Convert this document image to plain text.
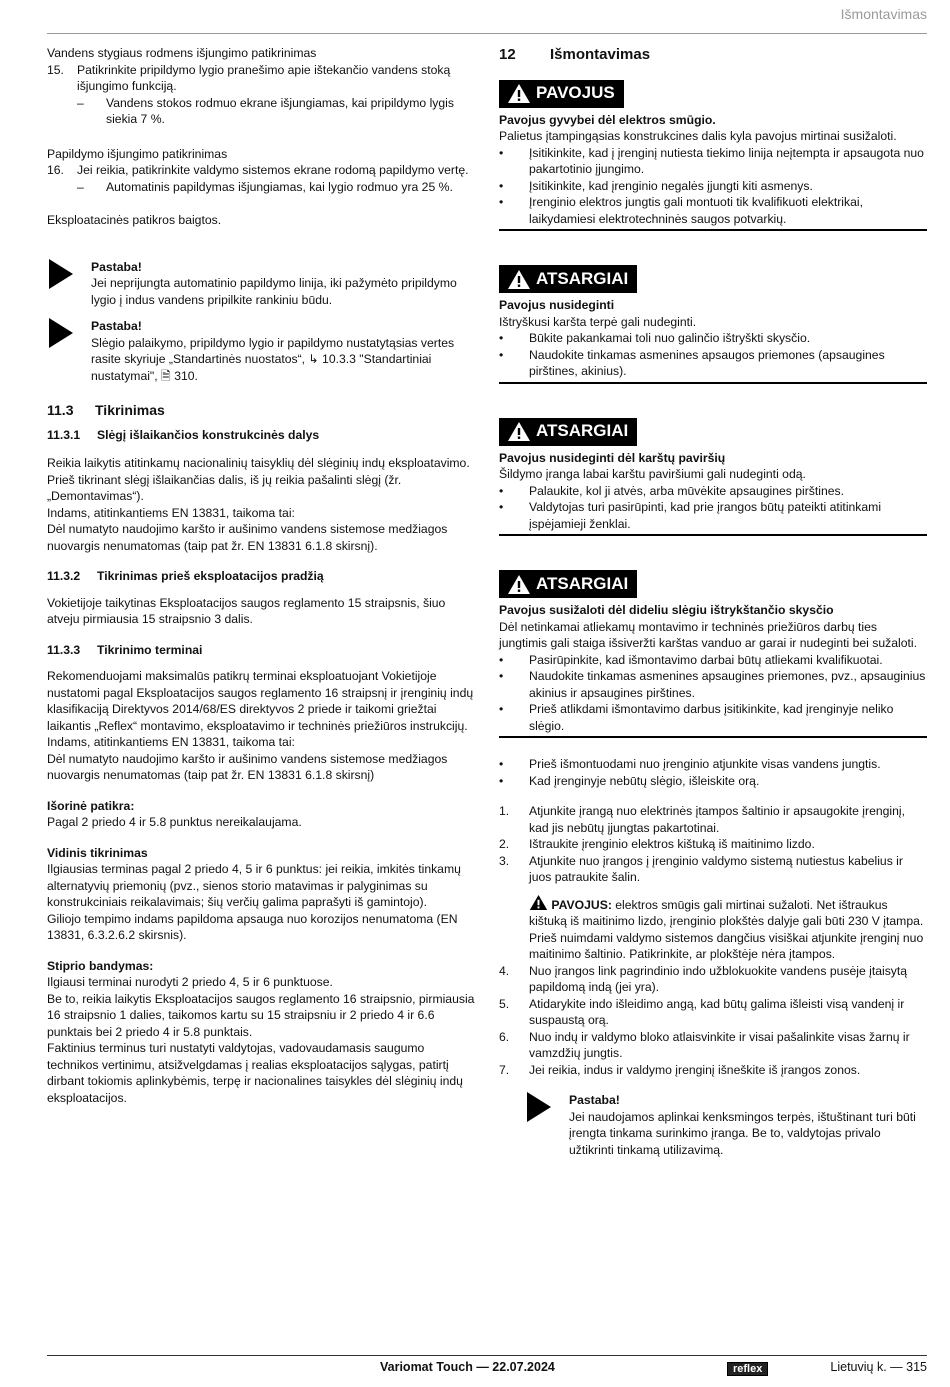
Išmontavimas

Vandens stygiaus rodmens išjungimo patikrinimas

15.	Patikrinkite pripildymo lygio pranešimo apie ištekančio vandens stoką išjungimo funkciją.
–	Vandens stokos rodmuo ekrane išjungiamas, kai pripildymo lygis siekia 7 %.

Papildymo išjungimo patikrinimas

16.	Jei reikia, patikrinkite valdymo sistemos ekrane rodomą papildymo vertę.
–	Automatinis papildymas išjungiamas, kai lygio rodmuo yra 25 %.

Eksploatacinės patikros baigtos.

Pastaba!
Jei neprijungta automatinio papildymo linija, iki pažymėto pripildymo lygio į indus vandens pripilkite rankiniu būdu.
Pastaba!
Slėgio palaikymo, pripildymo lygio ir papildymo nustatytąsias vertes rasite skyriuje „Standartinės nuostatos“, ↳ 10.3.3 "Standartiniai nustatymai", 🗎 310.
11.3	Tikrinimas
11.3.1	Slėgį išlaikančios konstrukcinės dalys

Reikia laikytis atitinkamų nacionalinių taisyklių dėl slėginių indų eksploatavimo. Prieš tikrinant slėgį išlaikančias dalis, iš jų reikia pašalinti slėgį (žr. „Demontavimas“).

Indams, atitinkantiems EN 13831, taikoma tai:

Dėl numatyto naudojimo karšto ir aušinimo vandens sistemose medžiagos nuovargis nenumatomas (taip pat žr. EN 13831 6.1.8 skirsnį).

11.3.2	Tikrinimas prieš eksploatacijos pradžią

Vokietijoje taikytinas Eksploatacijos saugos reglamento 15 straipsnis, šiuo atveju pirmiausia 15 straipsnio 3 dalis.

11.3.3	Tikrinimo terminai

Rekomenduojami maksimalūs patikrų terminai eksploatuojant Vokietijoje nustatomi pagal Eksploatacijos saugos reglamento 16 straipsnį ir įrenginių indų klasifikaciją Direktyvos 2014/68/ES direktyvos 2 priede ir taikomi griežtai laikantis „Reflex“ montavimo, eksploatavimo ir techninės priežiūros instrukcijų.

Indams, atitinkantiems EN 13831, taikoma tai:

Dėl numatyto naudojimo karšto ir aušinimo vandens sistemose medžiagos nuovargis nenumatomas (taip pat žr. EN 13831 6.1.8 skirsnį)

Išorinė patikra:

Pagal 2 priedo 4 ir 5.8 punktus nereikalaujama.

Vidinis tikrinimas

Ilgiausias terminas pagal 2 priedo 4, 5 ir 6 punktus: jei reikia, imkitės tinkamų alternatyvių priemonių (pvz., sienos storio matavimas ir palyginimas su konstrukciniais reikalavimais; šių verčių galima paprašyti iš gamintojo).

Giliojo tempimo indams papildoma apsauga nuo korozijos nenumatoma (EN 13831, 6.3.2.6.2 skirsnis).

Stiprio bandymas:

Ilgiausi terminai nurodyti 2 priedo 4, 5 ir 6 punktuose.

Be to, reikia laikytis Eksploatacijos saugos reglamento 16 straipsnio, pirmiausia 16 straipsnio 1 dalies, taikomos kartu su 15 straipsniu ir 2 priedo 4 ir 6.6 punktais bei 2 priedo 4 ir 5.8 punktais.

Faktinius terminus turi nustatyti valdytojas, vadovaudamasis saugumo technikos vertinimu, atsižvelgdamas į realias eksploatacijos sąlygas, patirtį dirbant tokiomis aplinkybėmis, terpę ir nacionalines taisykles dėl slėginių indų eksploatacijos.

12	Išmontavimas
PAVOJUS
Pavojus gyvybei dėl elektros smūgio.
Palietus įtampingąsias konstrukcines dalis kyla pavojus mirtinai susižaloti.
•	Įsitikinkite, kad į įrenginį nutiesta tiekimo linija neįtempta ir apsaugota nuo pakartotinio įjungimo.
•	Įsitikinkite, kad įrenginio negalės įjungti kiti asmenys.
•	Įrenginio elektros jungtis gali montuoti tik kvalifikuoti elektrikai, laikydamiesi elektrotechninės saugos potvarkių.
ATSARGIAI
Pavojus nusideginti
Ištryškusi karšta terpė gali nudeginti.
•	Būkite pakankamai toli nuo galinčio ištryškti skysčio.
•	Naudokite tinkamas asmenines apsaugos priemones (apsaugines pirštines, akinius).
ATSARGIAI
Pavojus nusideginti dėl karštų paviršių
Šildymo įranga labai karštu paviršiumi gali nudeginti odą.
•	Palaukite, kol ji atvės, arba mūvėkite apsaugines pirštines.
•	Valdytojas turi pasirūpinti, kad prie įrangos būtų pateikti atitinkami įspėjamieji ženklai.
ATSARGIAI
Pavojus susižaloti dėl dideliu slėgiu ištrykštančio skysčio
Dėl netinkamai atliekamų montavimo ir techninės priežiūros darbų ties jungtimis gali staiga išsiveržti karštas vanduo ar garai ir nudeginti bei sužaloti.
•	Pasirūpinkite, kad išmontavimo darbai būtų atliekami kvalifikuotai.
•	Naudokite tinkamas asmenines apsaugines priemones, pvz., apsauginius akinius ir apsaugines pirštines.
•	Prieš atlikdami išmontavimo darbus įsitikinkite, kad įrenginyje neliko slėgio.
•	Prieš išmontuodami nuo įrenginio atjunkite visas vandens jungtis.
•	Kad įrenginyje nebūtų slėgio, išleiskite orą.
1.	Atjunkite įrangą nuo elektrinės įtampos šaltinio ir apsaugokite įrenginį, kad jis nebūtų įjungtas pakartotinai.
2.	Ištraukite įrenginio elektros kištuką iš maitinimo lizdo.
3.	Atjunkite nuo įrangos į įrenginio valdymo sistemą nutiestus kabelius ir juos patraukite šalin.
PAVOJUS: elektros smūgis gali mirtinai sužaloti. Net ištraukus kištuką iš maitinimo lizdo, įrenginio plokštės dalyje gali būti 230 V įtampa. Prieš nuimdami valdymo sistemos dangčius visiškai atjunkite įrenginį nuo maitinimo šaltinio. Patikrinkite, ar plokštėje nėra įtampos.
4.	Nuo įrangos link pagrindinio indo užblokuokite vandens pusėje įtaisytą papildomą indą (jei yra).
5.	Atidarykite indo išleidimo angą, kad būtų galima išleisti visą vandenį ir suspaustą orą.
6.	Nuo indų ir valdymo bloko atlaisvinkite ir visai pašalinkite visas žarnų ir vamzdžių jungtis.
7.	Jei reikia, indus ir valdymo įrenginį išneškite iš įrangos zonos.
Pastaba!
Jei naudojamos aplinkai kenksmingos terpės, ištuštinant turi būti įrengta tinkama surinkimo įranga. Be to, valdytojas privalo užtikrinti tinkamą utilizavimą.
Variomat Touch — 22.07.2024	reflex	Lietuvių k. — 315
